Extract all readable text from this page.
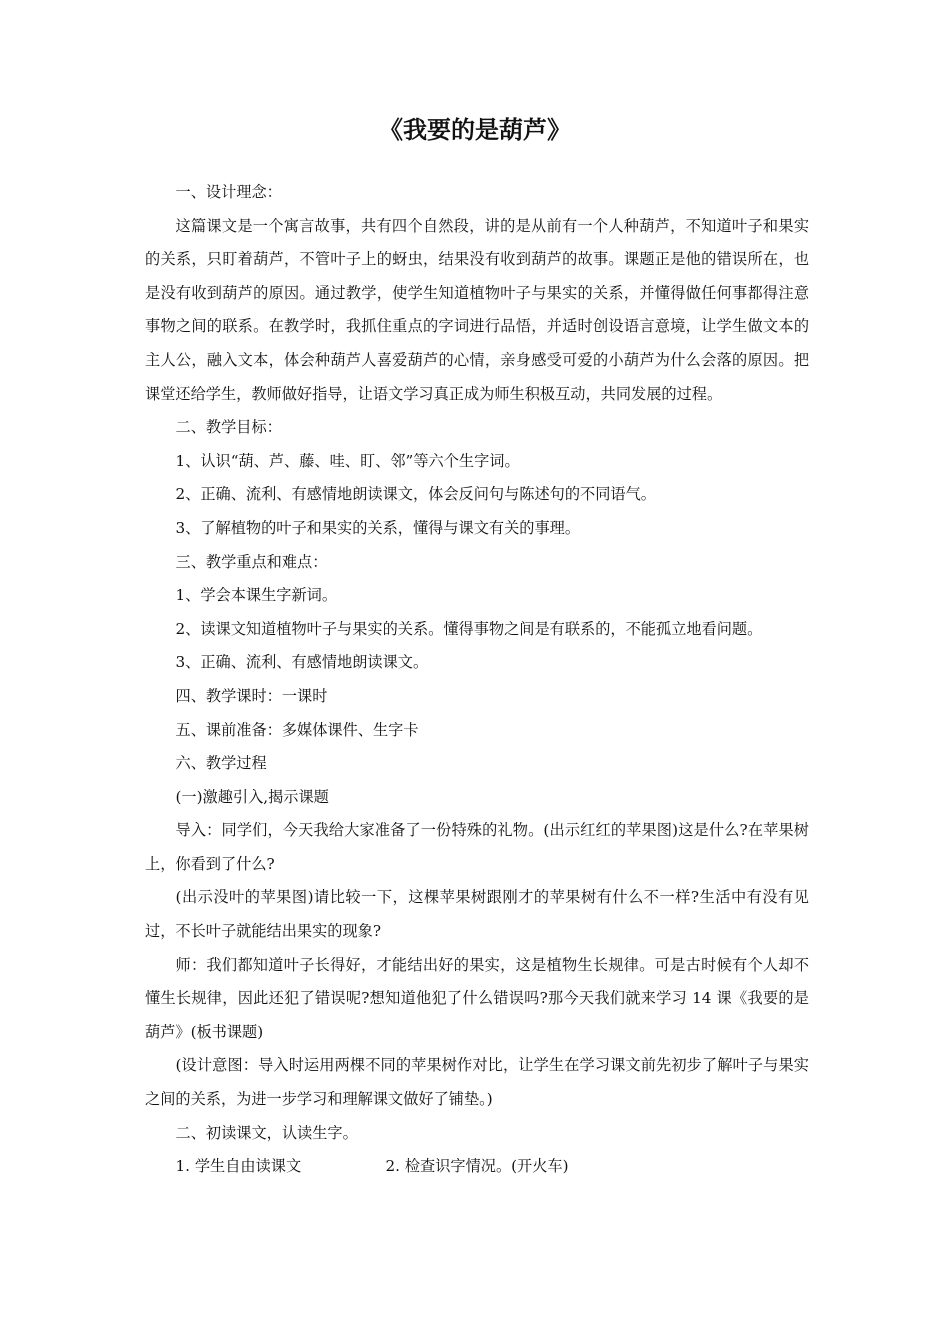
《我要的是葫芦》

一、设计理念：

这篇课文是一个寓言故事，共有四个自然段，讲的是从前有一个人种葫芦，不知道叶子和果实的关系，只盯着葫芦，不管叶子上的蚜虫，结果没有收到葫芦的故事。课题正是他的错误所在，也是没有收到葫芦的原因。通过教学，使学生知道植物叶子与果实的关系，并懂得做任何事都得注意事物之间的联系。在教学时，我抓住重点的字词进行品悟，并适时创设语言意境，让学生做文本的主人公，融入文本，体会种葫芦人喜爱葫芦的心情，亲身感受可爱的小葫芦为什么会落的原因。把课堂还给学生，教师做好指导，让语文学习真正成为师生积极互动，共同发展的过程。

二、教学目标：

1、认识“葫、芦、藤、哇、盯、邻”等六个生字词。

2、正确、流利、有感情地朗读课文，体会反问句与陈述句的不同语气。

3、了解植物的叶子和果实的关系，懂得与课文有关的事理。

三、教学重点和难点：

1、学会本课生字新词。

2、读课文知道植物叶子与果实的关系。懂得事物之间是有联系的，不能孤立地看问题。

3、正确、流利、有感情地朗读课文。

四、教学课时：一课时

五、课前准备：多媒体课件、生字卡

六、教学过程

(一)激趣引入,揭示课题

导入：同学们，今天我给大家准备了一份特殊的礼物。(出示红红的苹果图)这是什么?在苹果树上，你看到了什么?

(出示没叶的苹果图)请比较一下，这棵苹果树跟刚才的苹果树有什么不一样?生活中有没有见过，不长叶子就能结出果实的现象?

师：我们都知道叶子长得好，才能结出好的果实，这是植物生长规律。可是古时候有个人却不懂生长规律，因此还犯了错误呢?想知道他犯了什么错误吗?那今天我们就来学习 14 课《我要的是葫芦》(板书课题)

(设计意图：导入时运用两棵不同的苹果树作对比，让学生在学习课文前先初步了解叶子与果实之间的关系，为进一步学习和理解课文做好了铺垫。)

二、初读课文，认读生字。

1. 学生自由读课文	2. 检查识字情况。(开火车)
